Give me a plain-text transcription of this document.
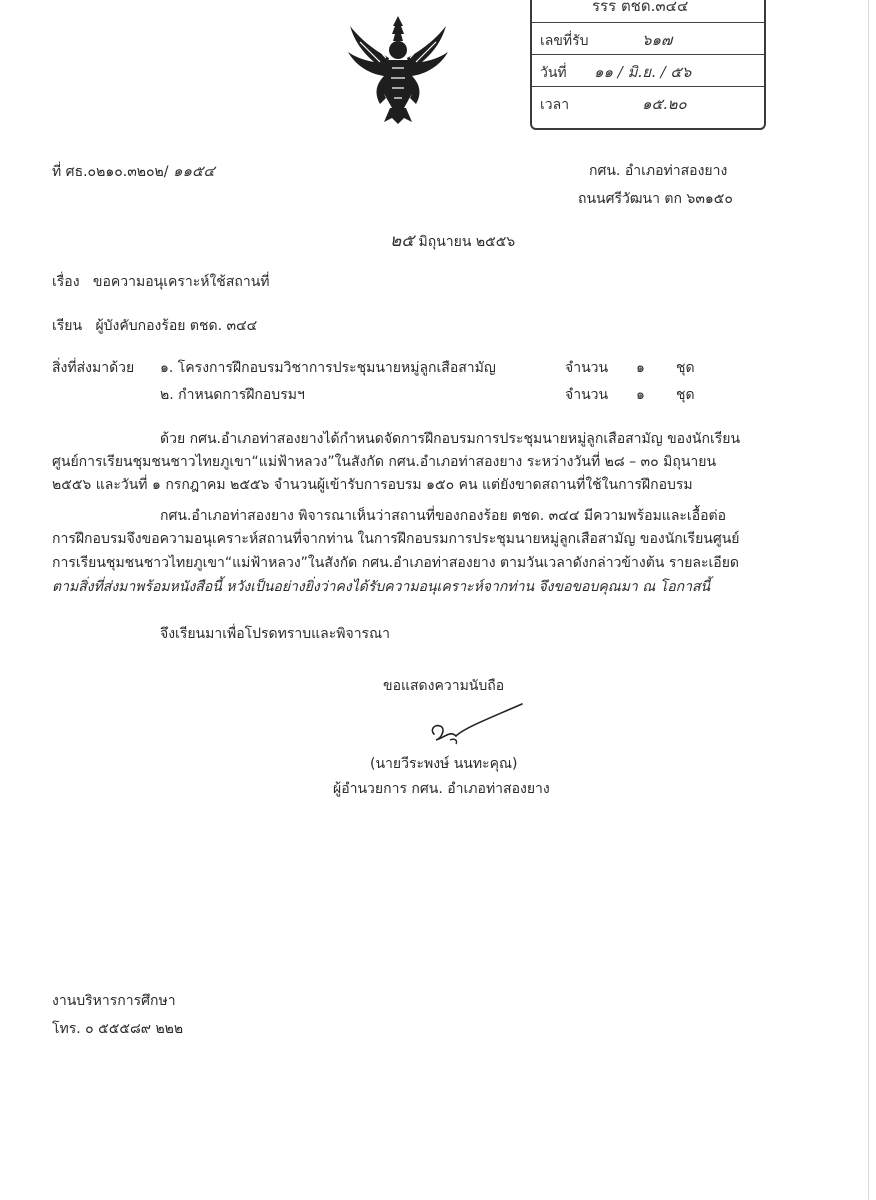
รรร ตชด.๓๔๔
เลขที่รับ	๖๑๗
วันที่ ๑๑ / มิ.ย. / ๕๖
เวลา	๑๕.๒๐
ที่ ศธ.๐๒๑๐.๓๒๐๒/ ๑๑๕๔	กศน. อำเภอท่าสองยาง
ถนนศรีวัฒนา ตก ๖๓๑๕๐
๒๕ มิถุนายน ๒๕๕๖
เรื่อง ขอความอนุเคราะห์ใช้สถานที่
เรียน ผู้บังคับกองร้อย ตชด. ๓๔๔
สิ่งที่ส่งมาด้วย ๑. โครงการฝึกอบรมวิชาการประชุมนายหมู่ลูกเสือสามัญ	จำนวน ๑ ชุด
๒. กำหนดการฝึกอบรมฯ	จำนวน ๑ ชุด
ด้วย กศน.อำเภอท่าสองยางได้กำหนดจัดการฝึกอบรมการประชุมนายหมู่ลูกเสือสามัญ ของนักเรียน
ศูนย์การเรียนชุมชนชาวไทยภูเขา“แม่ฟ้าหลวง”ในสังกัด กศน.อำเภอท่าสองยาง ระหว่างวันที่ ๒๘ – ๓๐ มิถุนายน
๒๕๕๖ และวันที่ ๑ กรกฎาคม ๒๕๕๖ จำนวนผู้เข้ารับการอบรม ๑๕๐ คน แต่ยังขาดสถานที่ใช้ในการฝึกอบรม
กศน.อำเภอท่าสองยาง พิจารณาเห็นว่าสถานที่ของกองร้อย ตชด. ๓๔๔ มีความพร้อมและเอื้อต่อ
การฝึกอบรมจึงขอความอนุเคราะห์สถานที่จากท่าน ในการฝึกอบรมการประชุมนายหมู่ลูกเสือสามัญ ของนักเรียนศูนย์
การเรียนชุมชนชาวไทยภูเขา“แม่ฟ้าหลวง”ในสังกัด กศน.อำเภอท่าสองยาง ตามวันเวลาดังกล่าวข้างต้น รายละเอียด
ตามสิ่งที่ส่งมาพร้อมหนังสือนี้ หวังเป็นอย่างยิ่งว่าคงได้รับความอนุเคราะห์จากท่าน จึงขอขอบคุณมา ณ โอกาสนี้
จึงเรียนมาเพื่อโปรดทราบและพิจารณา
ขอแสดงความนับถือ
(นายวีระพงษ์ นนทะคุณ)
ผู้อำนวยการ กศน. อำเภอท่าสองยาง
งานบริหารการศึกษา
โทร. ๐ ๕๕๕๘๙ ๒๒๒
